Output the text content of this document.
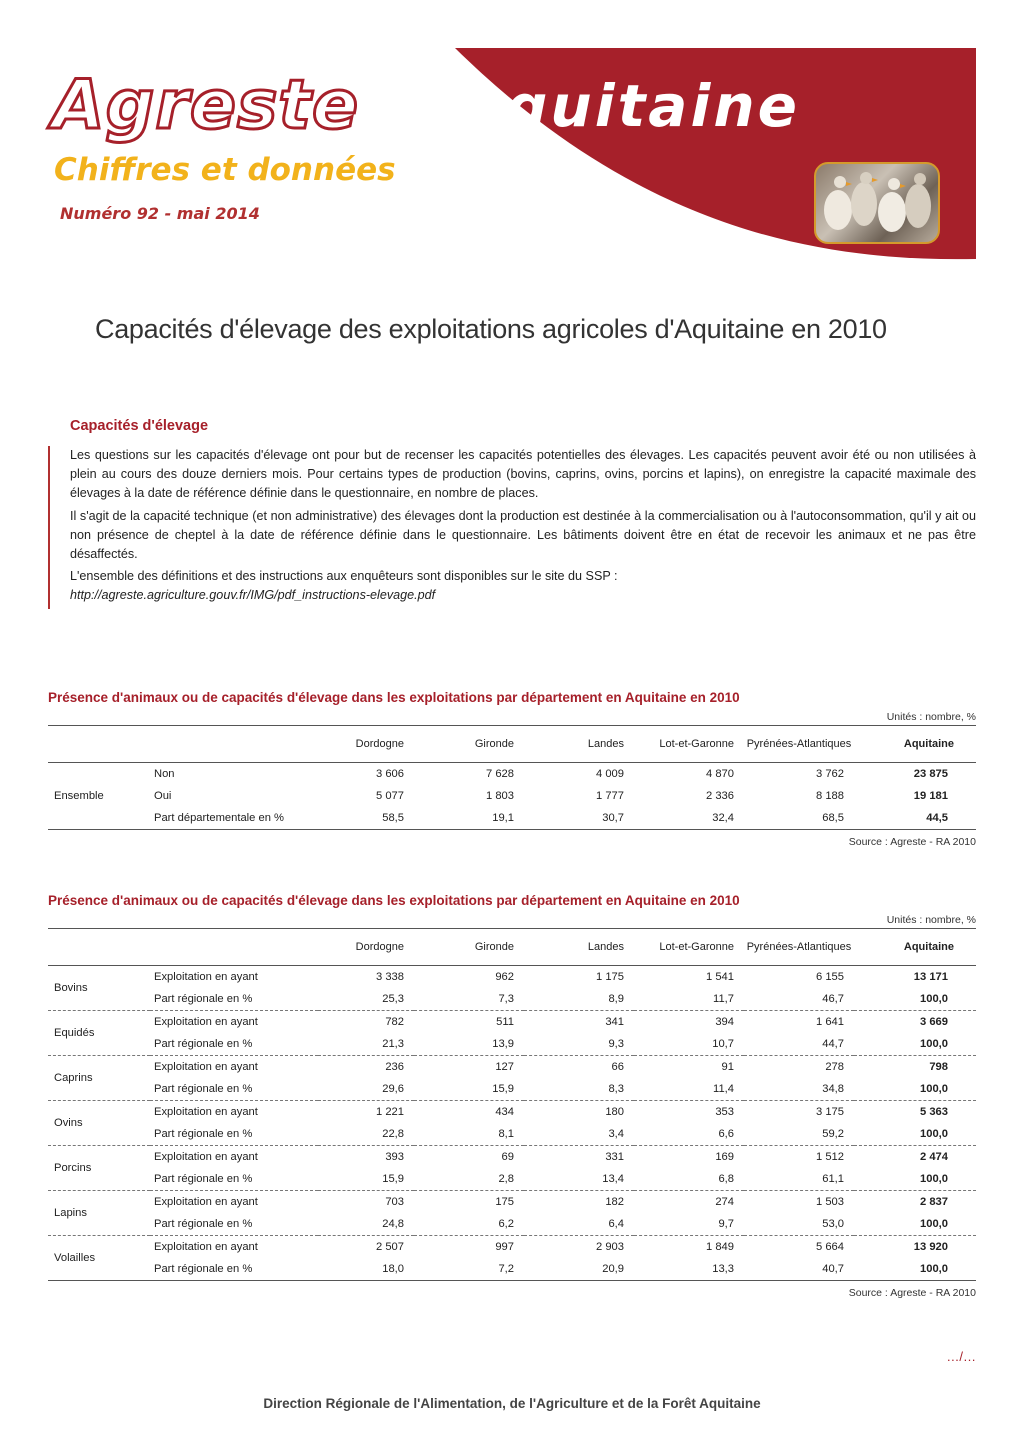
Agreste Aquitaine
Chiffres et données
Numéro 92 - mai 2014
Capacités d'élevage des exploitations agricoles d'Aquitaine en 2010
Capacités d'élevage

Les questions sur les capacités d'élevage ont pour but de recenser les capacités potentielles des élevages. Les capacités peuvent avoir été ou non utilisées à plein au cours des douze derniers mois. Pour certains types de production (bovins, caprins, ovins, porcins et lapins), on enregistre la capacité maximale des élevages à la date de référence définie dans le questionnaire, en nombre de places.

Il s'agit de la capacité technique (et non administrative) des élevages dont la production est destinée à la commercialisation ou à l'autoconsommation, qu'il y ait ou non présence de cheptel à la date de référence définie dans le questionnaire. Les bâtiments doivent être en état de recevoir les animaux et ne pas être désaffectés.

L'ensemble des définitions et des instructions aux enquêteurs sont disponibles sur le site du SSP :
http://agreste.agriculture.gouv.fr/IMG/pdf_instructions-elevage.pdf

Présence d'animaux ou de capacités d'élevage dans les exploitations par département en Aquitaine en 2010
Unités : nombre, %
		Dordogne	Gironde	Landes	Lot-et-Garonne	Pyrénées-Atlantiques	Aquitaine
	Non	3 606	7 628	4 009	4 870	3 762	23 875
Ensemble	Oui	5 077	1 803	1 777	2 336	8 188	19 181
	Part départementale en %	58,5	19,1	30,7	32,4	68,5	44,5
Source : Agreste - RA 2010
Présence d'animaux ou de capacités d'élevage dans les exploitations par département en Aquitaine en 2010
Unités : nombre, %
		Dordogne	Gironde	Landes	Lot-et-Garonne	Pyrénées-Atlantiques	Aquitaine
Bovins	Exploitation en ayant	3 338	962	1 175	1 541	6 155	13 171
	Part régionale en %	25,3	7,3	8,9	11,7	46,7	100,0
Equidés	Exploitation en ayant	782	511	341	394	1 641	3 669
	Part régionale en %	21,3	13,9	9,3	10,7	44,7	100,0
Caprins	Exploitation en ayant	236	127	66	91	278	798
	Part régionale en %	29,6	15,9	8,3	11,4	34,8	100,0
Ovins	Exploitation en ayant	1 221	434	180	353	3 175	5 363
	Part régionale en %	22,8	8,1	3,4	6,6	59,2	100,0
Porcins	Exploitation en ayant	393	69	331	169	1 512	2 474
	Part régionale en %	15,9	2,8	13,4	6,8	61,1	100,0
Lapins	Exploitation en ayant	703	175	182	274	1 503	2 837
	Part régionale en %	24,8	6,2	6,4	9,7	53,0	100,0
Volailles	Exploitation en ayant	2 507	997	2 903	1 849	5 664	13 920
	Part régionale en %	18,0	7,2	20,9	13,3	40,7	100,0
Source : Agreste - RA 2010
…/…
Direction Régionale de l'Alimentation, de l'Agriculture et de la Forêt Aquitaine
